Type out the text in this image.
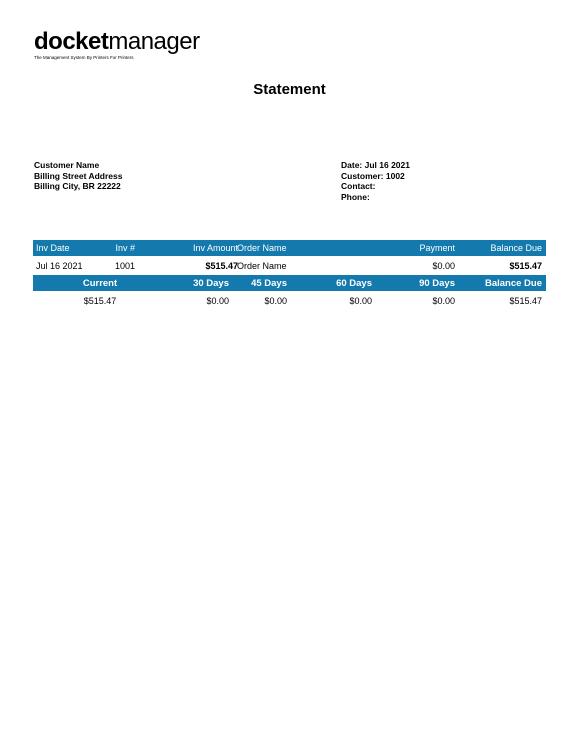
docketmanager
The Management System By Printers For Printers
Statement
Customer Name
Billing Street Address
Billing City, BR 22222
Date: Jul 16 2021
Customer: 1002
Contact:
Phone:
Inv Date	Inv #	Inv Amount Order Name	Payment	Balance Due
Jul 16 2021	1001	$515.47 Order Name	$0.00	$515.47
Current	30 Days	45 Days	60 Days	90 Days	Balance Due
$515.47	$0.00	$0.00	$0.00	$0.00	$515.47
